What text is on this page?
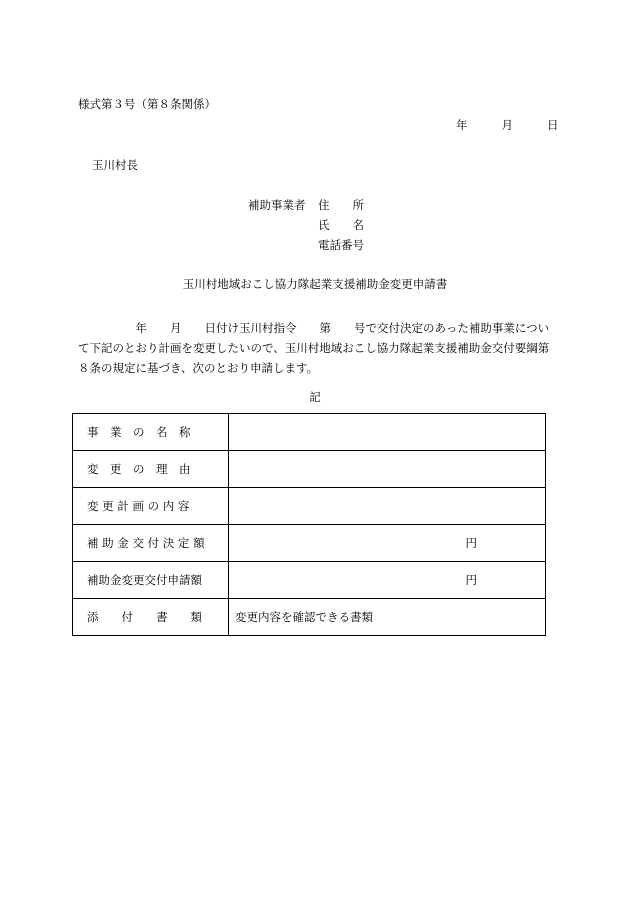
様式第３号（第８条関係）
年	月	日
玉川村長
補助事業者 住　　所
氏　　名
電話番号
玉川村地域おこし協力隊起業支援補助金変更申請書
　　　　　年　　月　　日付け玉川村指令　　第　　号で交付決定のあった補助事業について下記のとおり計画を変更したいので、玉川村地域おこし協力隊起業支援補助金交付要綱第８条の規定に基づき、次のとおり申請します。
記
事　業　の　名　称	
変　更　の　理　由	
変 更 計 画 の 内 容	
補 助 金 交 付 決 定 額	円

補助金変更交付申請額	円

添　　付　　書　　類	変更内容を確認できる書類
